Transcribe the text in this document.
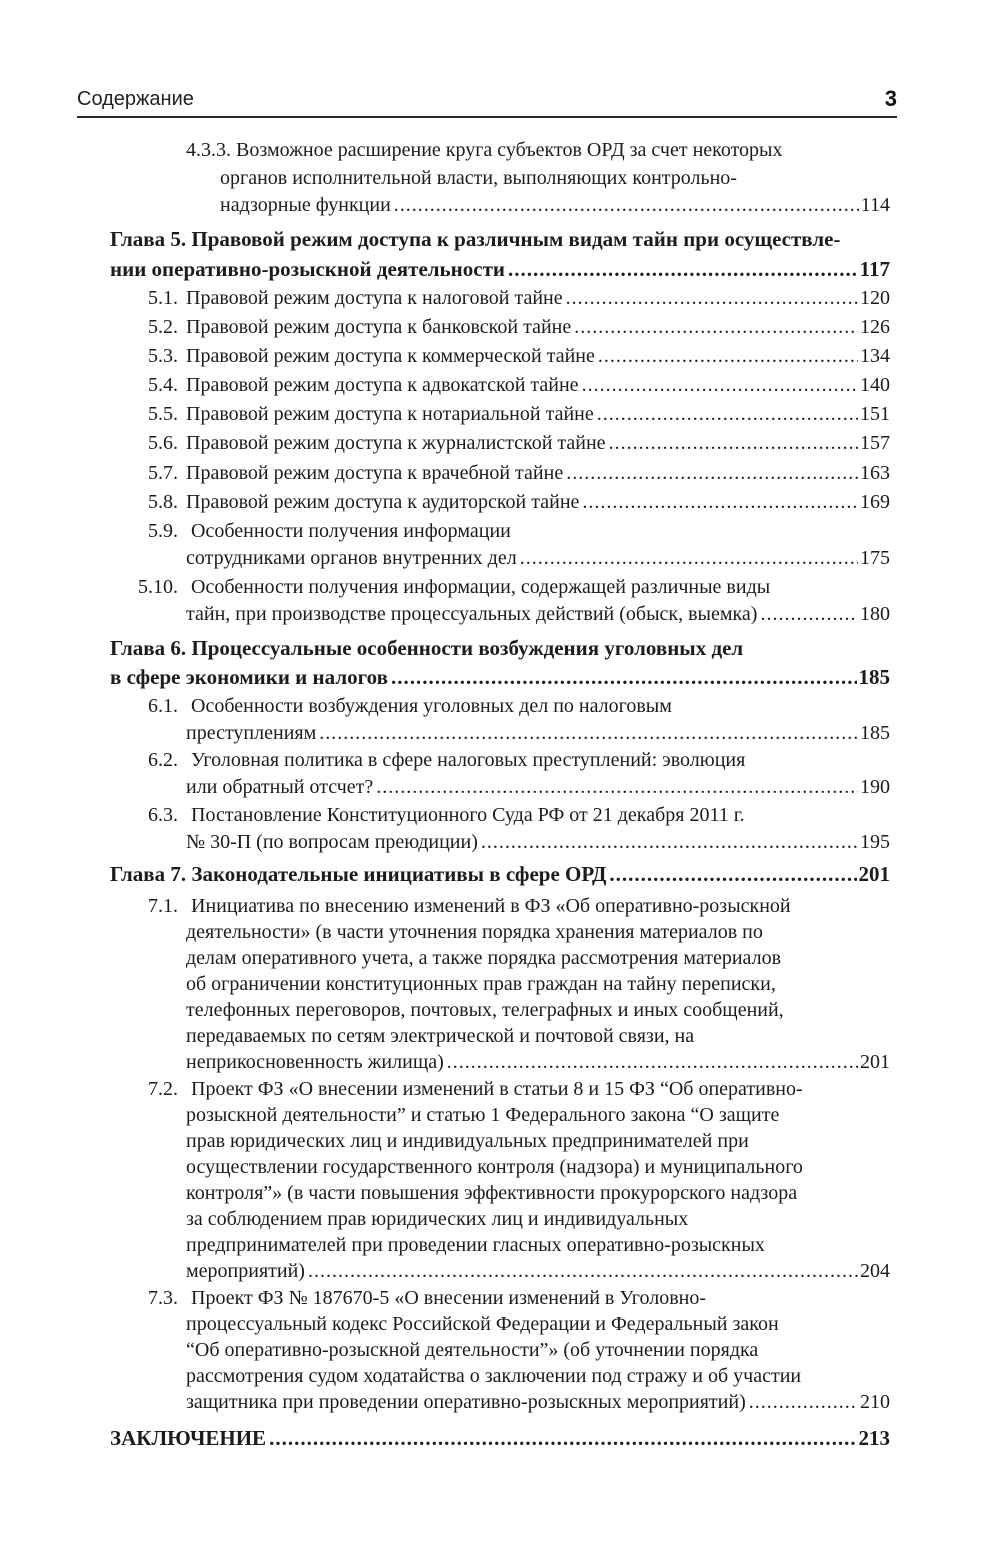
Содержание	3
4.3.3. Возможное расширение круга субъектов ОРД за счет некоторых
органов исполнительной власти, выполняющих контрольно-
надзорные функции .....	114
Глава 5. Правовой режим доступа к различным видам тайн при осуществле-
нии оперативно-розыскной деятельности .....	117
5.1. Правовой режим доступа к налоговой тайне .....	120
5.2. Правовой режим доступа к банковской тайне .....	126
5.3. Правовой режим доступа к коммерческой тайне .....	134
5.4. Правовой режим доступа к адвокатской тайне .....	140
5.5. Правовой режим доступа к нотариальной тайне .....	151
5.6. Правовой режим доступа к журналистской тайне .....	157
5.7. Правовой режим доступа к врачебной тайне .....	163
5.8. Правовой режим доступа к аудиторской тайне .....	169
5.9. Особенности получения информации
сотрудниками органов внутренних дел .....	175
5.10. Особенности получения информации, содержащей различные виды
тайн, при производстве процессуальных действий (обыск, выемка) .....	180
Глава 6. Процессуальные особенности возбуждения уголовных дел
в сфере экономики и налогов .....	185
6.1. Особенности возбуждения уголовных дел по налоговым
преступлениям .....	185
6.2. Уголовная политика в сфере налоговых преступлений: эволюция
или обратный отсчет? .....	190
6.3. Постановление Конституционного Суда РФ от 21 декабря 2011 г.
№ 30-П (по вопросам преюдиции) .....	195
Глава 7. Законодательные инициативы в сфере ОРД .....	201
7.1. Инициатива по внесению изменений в ФЗ «Об оперативно-розыскной
деятельности» (в части уточнения порядка хранения материалов по
делам оперативного учета, а также порядка рассмотрения материалов
об ограничении конституционных прав граждан на тайну переписки,
телефонных переговоров, почтовых, телеграфных и иных сообщений,
передаваемых по сетям электрической и почтовой связи, на
неприкосновенность жилища) .....	201
7.2. Проект ФЗ «О внесении изменений в статьи 8 и 15 ФЗ “Об оперативно-
розыскной деятельности” и статью 1 Федерального закона “О защите
прав юридических лиц и индивидуальных предпринимателей при
осуществлении государственного контроля (надзора) и муниципального
контроля”» (в части повышения эффективности прокурорского надзора
за соблюдением прав юридических лиц и индивидуальных
предпринимателей при проведении гласных оперативно-розыскных
мероприятий) .....	204
7.3. Проект ФЗ № 187670-5 «О внесении изменений в Уголовно-
процессуальный кодекс Российской Федерации и Федеральный закон
“Об оперативно-розыскной деятельности”» (об уточнении порядка
рассмотрения судом ходатайства о заключении под стражу и об участии
защитника при проведении оперативно-розыскных мероприятий) .....	210
ЗАКЛЮЧЕНИЕ .....	213
